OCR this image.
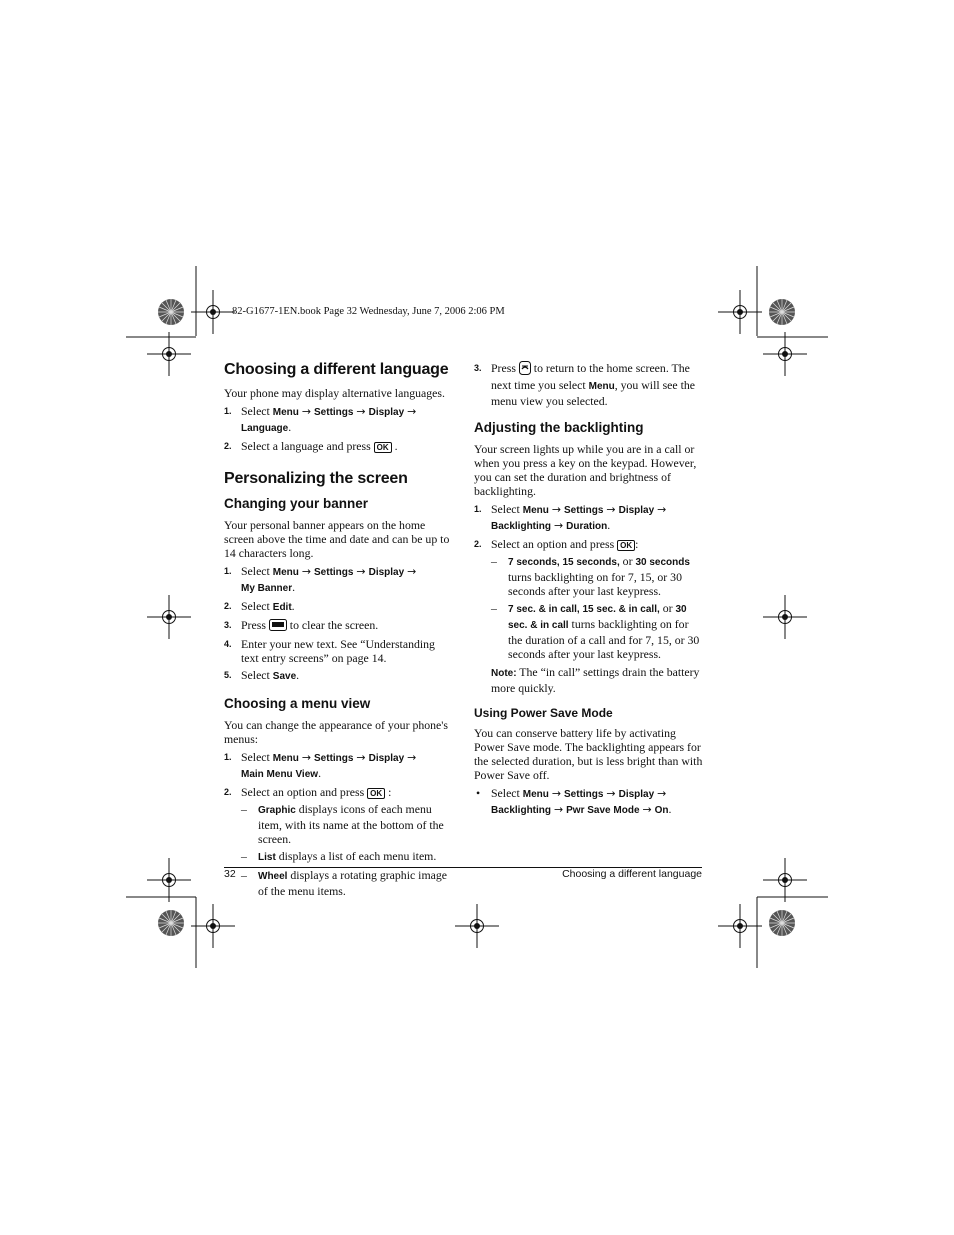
82-G1677-1EN.book Page 32 Wednesday, June 7, 2006 2:06 PM
Choosing a different language

Your phone may display alternative languages.

1. Select Menu → Settings → Display →
Language.
2. Select a language and press OK .
Personalizing the screen
Changing your banner

Your personal banner appears on the home screen above the time and date and can be up to 14 characters long.

1. Select Menu → Settings → Display →
My Banner.
2. Select Edit.
3. Press  to clear the screen.
4. Enter your new text. See “Understanding text entry screens” on page 14.
5. Select Save.
Choosing a menu view

You can change the appearance of your phone's menus:

1. Select Menu → Settings → Display →
Main Menu View.
2. Select an option and press OK :
– Graphic displays icons of each menu item, with its name at the bottom of the screen.
– List displays a list of each menu item.
– Wheel displays a rotating graphic image of the menu items.
3. Press  to return to the home screen. The next time you select Menu, you will see the menu view you selected.
Adjusting the backlighting

Your screen lights up while you are in a call or when you press a key on the keypad. However, you can set the duration and brightness of backlighting.

1. Select Menu → Settings → Display →
Backlighting → Duration.
2. Select an option and press OK :
– 7 seconds, 15 seconds, or 30 seconds turns backlighting on for 7, 15, or 30 seconds after your last keypress.
– 7 sec. & in call, 15 sec. & in call, or 30 sec. & in call turns backlighting on for the duration of a call and for 7, 15, or 30 seconds after your last keypress.
Note: The “in call” settings drain the battery more quickly.
Using Power Save Mode

You can conserve battery life by activating Power Save mode. The backlighting appears for the selected duration, but is less bright than with Power Save off.

• Select Menu → Settings → Display →
Backlighting → Pwr Save Mode → On.
32	Choosing a different language
